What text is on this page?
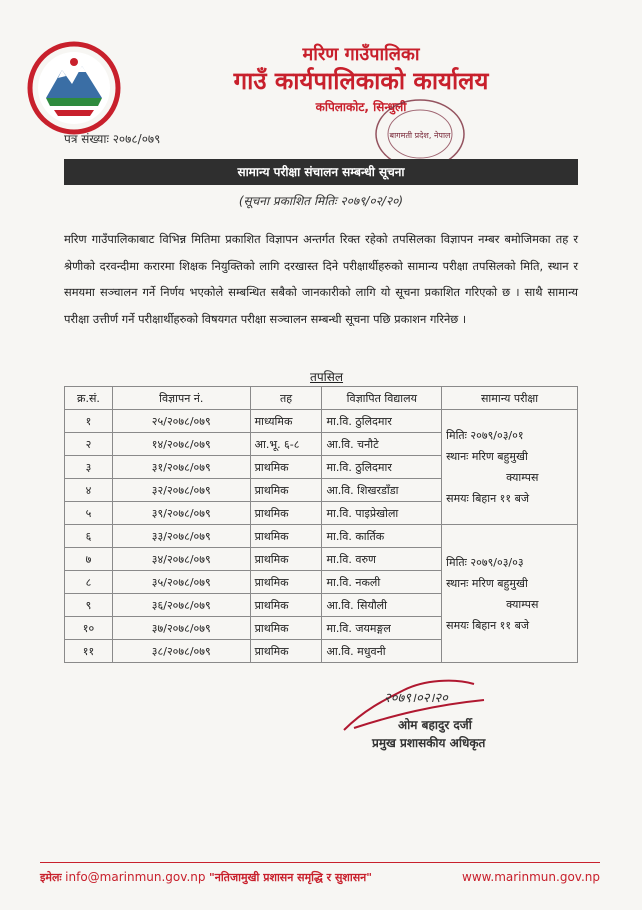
मरिण गाउँपालिका
गाउँ कार्यपालिकाको कार्यालय
कपिलाकोट, सिन्धुली
बागमती प्रदेश, नेपाल
पत्र संख्याः २०७८/०७९
सामान्य परीक्षा संचालन सम्बन्धी सूचना
(सूचना प्रकाशित मितिः २०७९/०२/२०)
मरिण गाउँपालिकाबाट विभिन्न मितिमा प्रकाशित विज्ञापन अन्तर्गत रिक्त रहेको तपसिलका विज्ञापन नम्बर बमोजिमका तह र श्रेणीको दरवन्दीमा करारमा शिक्षक नियुक्तिको लागि दरखास्त दिने परीक्षार्थीहरुको सामान्य परीक्षा तपसिलको मिति, स्थान र समयमा सञ्चालन गर्ने निर्णय भएकोले सम्बन्धित सबैको जानकारीको लागि यो सूचना प्रकाशित गरिएको छ । साथै सामान्य परीक्षा उत्तीर्ण गर्ने परीक्षार्थीहरुको विषयगत परीक्षा सञ्चालन सम्बन्धी सूचना पछि प्रकाशन गरिनेछ ।
तपसिल
क्र.सं.	विज्ञापन नं.	तह	विज्ञापित विद्यालय	सामान्य परीक्षा
१	२५/२०७८/०७९	माध्यमिक	मा.वि. ठुलिदमार	मितिः २०७९/०३/०१
स्थानः मरिण बहुमुखी
क्याम्पस
समयः बिहान ११ बजे

२	१४/२०७८/०७९	आ.भू. ६-८	आ.वि. चनौटे	
३	३१/२०७८/०७९	प्राथमिक	मा.वि. ठुलिदमार	
४	३२/२०७८/०७९	प्राथमिक	आ.वि. शिखरडाँडा	
५	३९/२०७८/०७९	प्राथमिक	मा.वि. पाइप्रेखोला	
६	३३/२०७८/०७९	प्राथमिक	मा.वि. कार्तिक	मितिः २०७९/०३/०३
स्थानः मरिण बहुमुखी
क्याम्पस
समयः बिहान ११ बजे

७	३४/२०७८/०७९	प्राथमिक	मा.वि. वरुण	
८	३५/२०७८/०७९	प्राथमिक	मा.वि. नकली	
९	३६/२०७८/०७९	प्राथमिक	आ.वि. सियौली	
१०	३७/२०७८/०७९	प्राथमिक	मा.वि. जयमङ्गल	
११	३८/२०७८/०७९	प्राथमिक	आ.वि. मधुवनी	
२०७९।०२।२०
ओम बहादुर दर्जी
प्रमुख प्रशासकीय अधिकृत
इमेलः info@marinmun.gov.np "नतिजामुखी प्रशासन समृद्धि र सुशासन"	www.marinmun.gov.np
